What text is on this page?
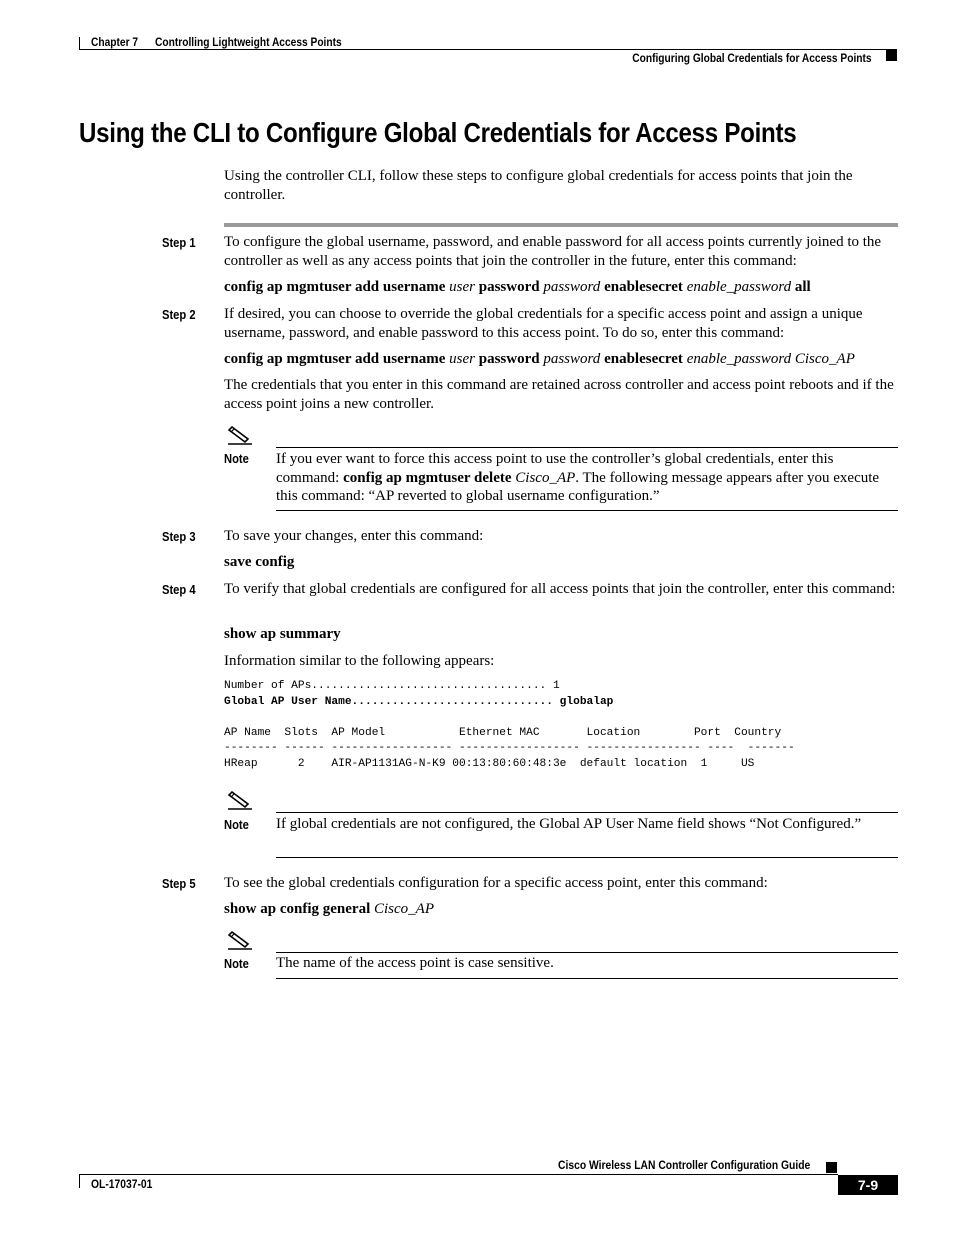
Chapter 7      Controlling Lightweight Access Points
Configuring Global Credentials for Access Points
Using the CLI to Configure Global Credentials for Access Points
Using the controller CLI, follow these steps to configure global credentials for access points that join the controller.
Step 1 To configure the global username, password, and enable password for all access points currently joined to the controller as well as any access points that join the controller in the future, enter this command:
config ap mgmtuser add username user password password enablesecret enable_password all
Step 2 If desired, you can choose to override the global credentials for a specific access point and assign a unique username, password, and enable password to this access point. To do so, enter this command:
config ap mgmtuser add username user password password enablesecret enable_password Cisco_AP
The credentials that you enter in this command are retained across controller and access point reboots and if the access point joins a new controller.
Note If you ever want to force this access point to use the controller’s global credentials, enter this command: config ap mgmtuser delete Cisco_AP. The following message appears after you execute this command: “AP reverted to global username configuration.”
Step 3 To save your changes, enter this command:
save config
Step 4 To verify that global credentials are configured for all access points that join the controller, enter this command:
show ap summary
Information similar to the following appears:
Number of APs................................... 1
Global AP User Name.............................. globalap

AP Name  Slots  AP Model           Ethernet MAC       Location        Port  Country
-------- ------ ------------------ ------------------ ----------------- ----  -------
HReap      2    AIR-AP1131AG-N-K9 00:13:80:60:48:3e  default location  1     US
Note If global credentials are not configured, the Global AP User Name field shows “Not Configured.”
Step 5 To see the global credentials configuration for a specific access point, enter this command:
show ap config general Cisco_AP
Note The name of the access point is case sensitive.
Cisco Wireless LAN Controller Configuration Guide
OL-17037-01	7-9
